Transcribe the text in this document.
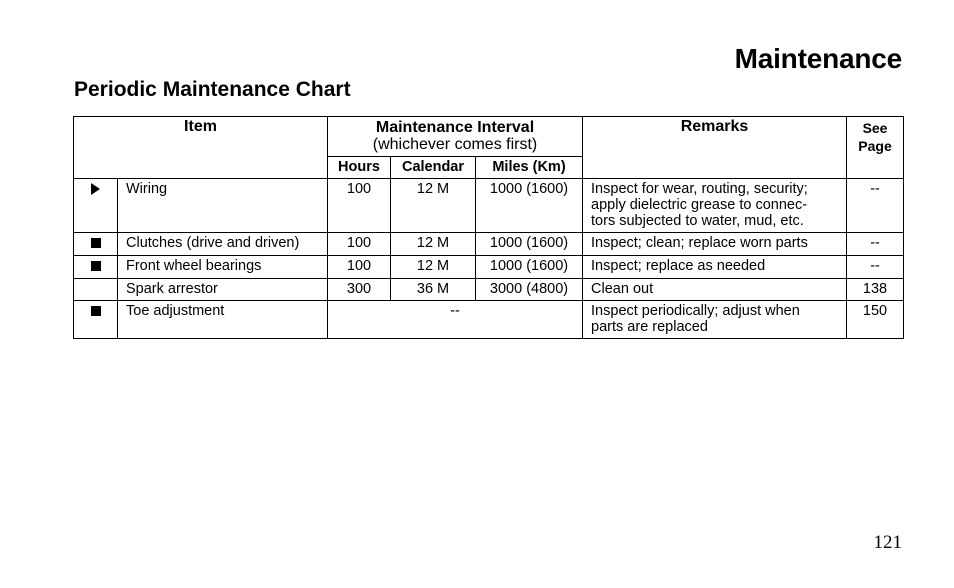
Maintenance
Periodic Maintenance Chart
Item		Maintenance Interval
(whichever comes first)			Remarks	See
Page
		Hours	Calendar	Miles (Km)		
	Wiring	100	12 M	1000 (1600)	Inspect for wear, routing, security;
apply dielectric grease to connec-
tors subjected to water, mud, etc.	--
	Clutches (drive and driven)	100	12 M	1000 (1600)	Inspect; clean; replace worn parts	--
	Front wheel bearings	100	12 M	1000 (1600)	Inspect; replace as needed	--
	Spark arrestor	300	36 M	3000 (4800)	Clean out	138
	Toe adjustment	--			Inspect periodically; adjust when
parts are replaced	150
121
